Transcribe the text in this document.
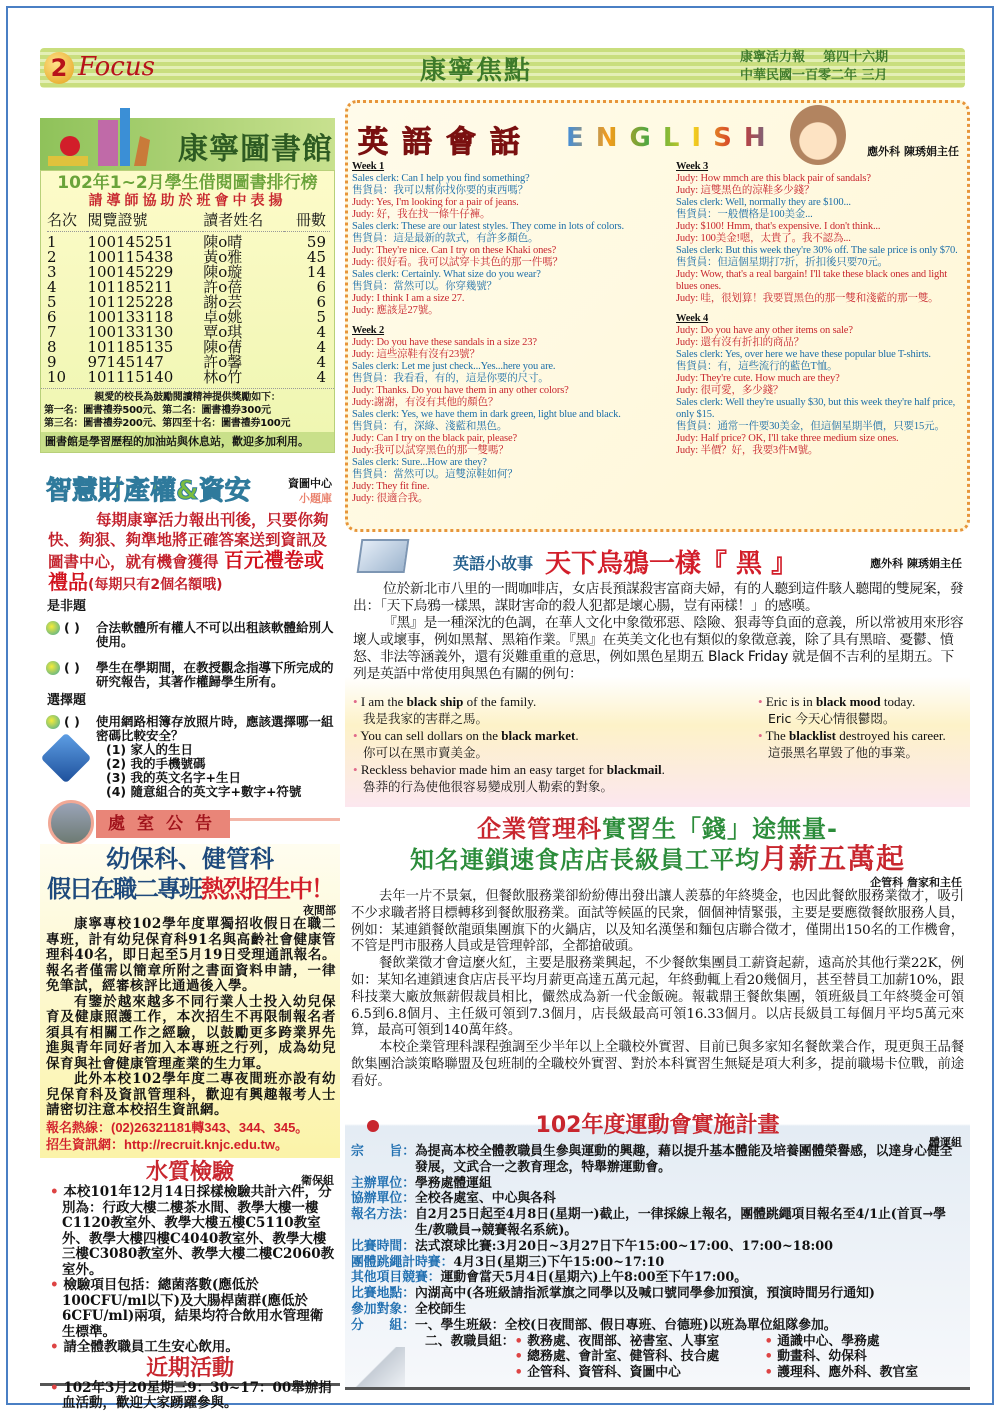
2 Focus	康寧焦點	康寧活力報 第四十六期
中華民國一百零二年 三月
康寧圖書館
102年1~2月學生借閱圖書排行榜
請導師協助於班會中表揚
名次	閱覽證號	讀者姓名	冊數
1	100145251	陳o晴	59
2	100115438	黃o雅	45
3	100145229	陳o璇	14
4	101185211	許o蓓	6
5	101125228	謝o芸	6
6	100133118	卓o姚	5
7	100133130	覃o琪	4
8	101185135	陳o蒨	4
9	97145147	許o馨	4
10	101115140	林o竹	4
親愛的校長為鼓勵閱讀精神提供獎勵如下：
第一名：圖書禮券500元、第二名：圖書禮券300元
第三名：圖書禮券200元、第四至十名：圖書禮券100元
圖書館是學習歷程的加油站與休息站，歡迎多加利用。
智慧財產權&資安	資圖中心
小題庫
每期康寧活力報出刊後，只要你夠快、夠狠、夠準地將正確答案送到資訊及圖書中心，就有機會獲得 百元禮卷或禮品(每期只有2個名額哦)
是非題
( ) 合法軟體所有權人不可以出租該軟體給別人使用。
( ) 學生在學期間，在教授觀念指導下所完成的研究報告，其著作權歸學生所有。
選擇題
( ) 使用網路相簿存放照片時，應該選擇哪一組密碼比較安全？
(1) 家人的生日
(2) 我的手機號碼
(3) 我的英文名字+生日
(4) 隨意組合的英文字+數字+符號
處室公告
幼保科、健管科
假日在職二專班熱烈招生中！
夜間部

康寧專校102學年度單獨招收假日在職二專班，計有幼兒保育科91名與高齡社會健康管理科40名，即日起至5月19日受理通訊報名。報名者僅需以簡章所附之書面資料申請，一律免筆試，經審核評比通過後入學。

有鑒於越來越多不同行業人士投入幼兒保育及健康照護工作，本次招生不再限制報名者須具有相關工作之經驗，以鼓勵更多跨業界先進與青年同好者加入本專班之行列，成為幼兒保育與社會健康管理產業的生力軍。

此外本校102學年度二專夜間班亦設有幼兒保育科及資訊管理科，歡迎有興趣報考人士請密切注意本校招生資訊網。

報名熱線：(02)26321181轉343、344、345。
招生資訊網：http://recruit.knjc.edu.tw。
水質檢驗	衛保組
• 本校101年12月14日採樣檢驗共計六件，分別為：行政大樓二樓茶水間、教學大樓一樓C1120教室外、教學大樓五樓C5110教室外、教學大樓四樓C4040教室外、教學大樓三樓C3080教室外、教學大樓二樓C2060教室外。
• 檢驗項目包括：總菌落數(應低於100CFU/ml以下)及大腸桿菌群(應低於6CFU/ml)兩項，結果均符合飲用水管理衛生標準。
• 請全體教職員工生安心飲用。
近期活動
• 102年3月20星期三9：30~17：00舉辦捐血活動，歡迎大家踴躍參與。
英語會話 ENGLISH	應外科 陳琇娟主任
Week 1
Sales clerk: Can I help you find something?
售貨員：我可以幫你找你要的東西嗎？
Judy: Yes, I'm looking for a pair of jeans.
Judy: 好，我在找一條牛仔褲。
Sales clerk: These are our latest styles. They come in lots of colors.
售貨員：這是最新的款式，有許多顏色。
Judy: They're nice. Can I try on these Khaki ones?
Judy: 很好看。我可以試穿卡其色的那一件嗎？
Sales clerk: Certainly. What size do you wear?
售貨員：當然可以。你穿幾號？
Judy: I think I am a size 27.
Judy: 應該是27號。
Week 2
Judy: Do you have these sandals in a size 23?
Judy: 這些涼鞋有沒有23號？
Sales clerk: Let me just check...Yes...here you are.
售貨員：我看看，有的，這是你要的尺寸。
Judy: Thanks. Do you have them in any other colors?
Judy:謝謝，有沒有其他的顏色？
Sales clerk: Yes, we have them in dark green, light blue and black.
售貨員：有，深綠、淺藍和黑色。
Judy: Can I try on the black pair, please?
Judy:我可以試穿黑色的那一雙嗎？
Sales clerk: Sure...How are they?
售貨員：當然可以。這雙涼鞋如何？
Judy: They fit fine.
Judy: 很適合我。
Week 3
Judy: How mmch are this black pair of sandals?
Judy: 這雙黑色的涼鞋多少錢？
Sales clerk: Well, normally they are $100...
售貨員：一般價格是100美金...
Judy: $100! Hmm, that's expensive. I don't think...
Judy: 100美金!嗯，太貴了。我不認為...
Sales clerk: But this week they're 30% off. The sale price is only $70.
售貨員：但這個星期打7折，折扣後只要70元。
Judy: Wow, that's a real bargain! I'll take these black ones and light blues ones.
Judy: 哇，很划算！我要買黑色的那一雙和淺藍的那一雙。
Week 4
Judy: Do you have any other items on sale?
Judy: 還有沒有折扣的商品？
Sales clerk: Yes, over here we have these popular blue T-shirts.
售貨員：有，這些流行的藍色T恤。
Judy: They're cute. How much are they?
Judy: 很可愛，多少錢？
Sales clerk: Well they're usually $30, but this week they're half price, only $15.
售貨員：通常一件要30美金，但這個星期半價，只要15元。
Judy: Half price? OK, I'll take three medium size ones.
Judy: 半價？好，我要3件M號。
英語小故事 天下烏鴉一樣『 黑 』	應外科 陳琇娟主任

位於新北市八里的一間咖啡店，女店長預謀殺害富商夫婦，有的人聽到這件駭人聽聞的雙屍案，發出：「天下烏鴉一樣黑，謀財害命的殺人犯都是壞心腸，豈有兩樣！」的感嘆。

『黑』是一種深沈的色調，在華人文化中象徵邪惡、陰險、狠毒等負面的意義，所以常被用來形容壞人或壞事，例如黑幫、黑箱作業。『黑』在英美文化也有類似的象徵意義，除了具有黑暗、憂鬱、憤怒、非法等涵義外，還有災難重重的意思，例如黑色星期五 Black Friday 就是個不吉利的星期五。下列是英語中常使用與黑色有關的例句：

• I am the black ship of the family.
我是我家的害群之馬。
• You can sell dollars on the black market.
你可以在黑市賣美金。
• Reckless behavior made him an easy target for blackmail.
魯莽的行為使他很容易變成別人勒索的對象。
• Eric is in black mood today.
Eric 今天心情很鬱悶。
• The blacklist destroyed his career.
這張黑名單毀了他的事業。
企業管理科實習生「錢」途無量-
知名連鎖速食店店長級員工平均月薪五萬起
企管科 詹家和主任

去年一片不景氣，但餐飲服務業卻紛紛傳出發出讓人羨慕的年終獎金，也因此餐飲服務業徵才，吸引不少求職者將目標轉移到餐飲服務業。面試等候區的民衆，個個神情緊張，主要是要應徵餐飲服務人員，例如：某連鎖餐飲龍頭集團旗下的火鍋店，以及知名漢堡和麵包店聯合徵才，僅開出150名的工作機會，不管是門市服務人員或是管理幹部，全都搶破頭。

餐飲業徵才會這麼火紅，主要是服務業興起，不少餐飲集團員工薪資起薪，遠高於其他行業22K，例如：某知名連鎖速食店店長平均月薪更高達五萬元起，年終動輒上看20幾個月，甚至替員工加薪10%，跟科技業大廠放無薪假裁員相比，儼然成為新一代金飯碗。報載鼎王餐飲集團，領班級員工年終獎金可領6.5到6.8個月、主任級可領到7.3個月，店長級最高可領16.33個月。以店長級員工每個月平均5萬元來算，最高可領到140萬年終。

本校企業管理科課程強調至少半年以上全職校外實習、目前已與多家知名餐飲業合作，現更與王品餐飲集團洽談策略聯盟及包班制的全職校外實習、對於本科實習生無疑是項大利多，提前職場卡位戰，前途看好。

102年度運動會實施計畫
體運組
宗　　旨： 為提高本校全體教職員生參與運動的興趣，藉以提升基本體能及培養團體榮譽感，以達身心健全發展，文武合一之教育理念，特舉辦運動會。
主辦單位： 學務處體運組
協辦單位： 全校各處室、中心與各科
報名方法： 自2月25日起至4月8日(星期一)截止，一律採線上報名，團體跳繩項目報名至4/1止(首頁→學生/教職員→競賽報名系統)。
比賽時間： 法式滾球比賽:3月20日~3月27日下午15:00~17:00、17:00~18:00
團體跳繩計時賽： 4月3日(星期三)下午15:00~17:10
其他項目競賽： 運動會當天5月4日(星期六)上午8:00至下午17:00。
比賽地點： 內湖高中(各班級請指派掌旗之同學以及喊口號同學參加預演，預演時間另行通知)
參加對象： 全校師生
分　　組： 一、學生班級：全校(日夜間部、假日專班、台德班)以班為單位組隊參加。
二、教職員組： • 教務處、夜間部、祕書室、人事室	• 通識中心、學務處
• 總務處、會計室、健管科、技合處	• 動畫科、幼保科
• 企管科、資管科、資圖中心	• 護理科、應外科、教官室
